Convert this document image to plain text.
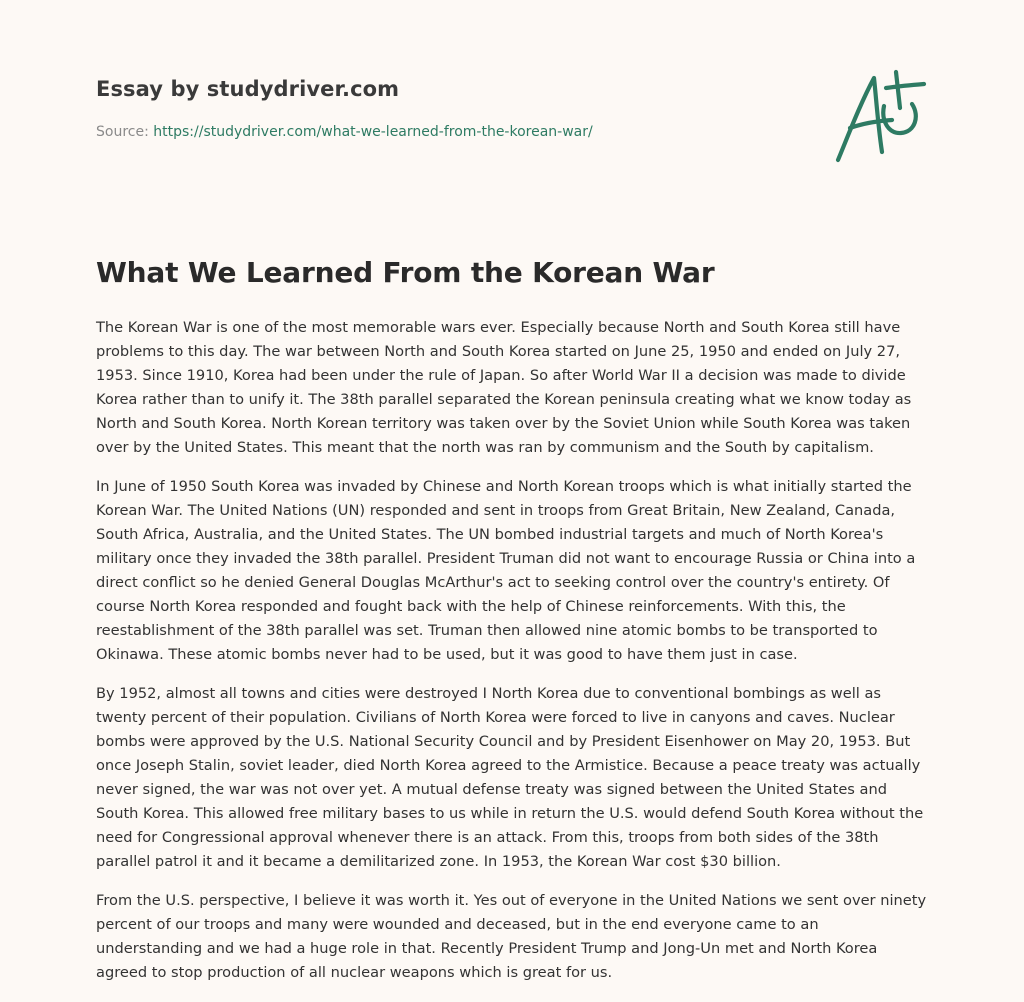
Essay by studydriver.com
Source: https://studydriver.com/what-we-learned-from-the-korean-war/
What We Learned From the Korean War

The Korean War is one of the most memorable wars ever. Especially because North and South Korea still have problems to this day. The war between North and South Korea started on June 25, 1950 and ended on July 27, 1953. Since 1910, Korea had been under the rule of Japan. So after World War II a decision was made to divide Korea rather than to unify it. The 38th parallel separated the Korean peninsula creating what we know today as North and South Korea. North Korean territory was taken over by the Soviet Union while South Korea was taken over by the United States. This meant that the north was ran by communism and the South by capitalism.

In June of 1950 South Korea was invaded by Chinese and North Korean troops which is what initially started the Korean War. The United Nations (UN) responded and sent in troops from Great Britain, New Zealand, Canada, South Africa, Australia, and the United States. The UN bombed industrial targets and much of North Korea's military once they invaded the 38th parallel. President Truman did not want to encourage Russia or China into a direct conflict so he denied General Douglas McArthur's act to seeking control over the country's entirety. Of course North Korea responded and fought back with the help of Chinese reinforcements. With this, the reestablishment of the 38th parallel was set. Truman then allowed nine atomic bombs to be transported to Okinawa. These atomic bombs never had to be used, but it was good to have them just in case.

By 1952, almost all towns and cities were destroyed I North Korea due to conventional bombings as well as twenty percent of their population. Civilians of North Korea were forced to live in canyons and caves. Nuclear bombs were approved by the U.S. National Security Council and by President Eisenhower on May 20, 1953. But once Joseph Stalin, soviet leader, died North Korea agreed to the Armistice. Because a peace treaty was actually never signed, the war was not over yet. A mutual defense treaty was signed between the United States and South Korea. This allowed free military bases to us while in return the U.S. would defend South Korea without the need for Congressional approval whenever there is an attack. From this, troops from both sides of the 38th parallel patrol it and it became a demilitarized zone. In 1953, the Korean War cost $30 billion.

From the U.S. perspective, I believe it was worth it. Yes out of everyone in the United Nations we sent over ninety percent of our troops and many were wounded and deceased, but in the end everyone came to an understanding and we had a huge role in that. Recently President Trump and Jong-Un met and North Korea agreed to stop production of all nuclear weapons which is great for us.
